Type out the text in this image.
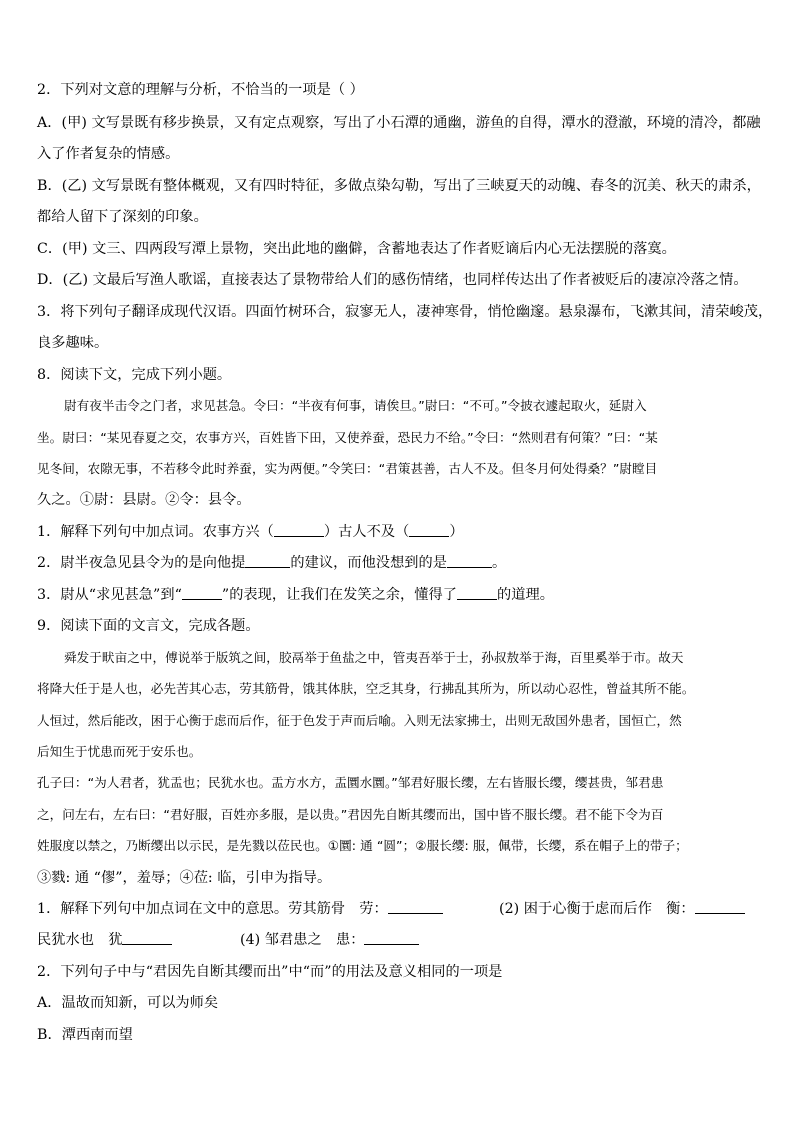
2．下列对文意的理解与分析，不恰当的一项是（ ）
A．(甲) 文写景既有移步换景，又有定点观察，写出了小石潭的通幽，游鱼的自得，潭水的澄澈，环境的清冷，都融
入了作者复杂的情感。
B．(乙) 文写景既有整体概观，又有四时特征，多做点染勾勒，写出了三峡夏天的动魄、春冬的沉美、秋天的肃杀，
都给人留下了深刻的印象。
C．(甲) 文三、四两段写潭上景物，突出此地的幽僻，含蓄地表达了作者贬谪后内心无法摆脱的落寞。
D．(乙) 文最后写渔人歌谣，直接表达了景物带给人们的感伤情绪，也同样传达出了作者被贬后的凄凉冷落之情。
3．将下列句子翻译成现代汉语。四面竹树环合，寂寥无人，凄神寒骨，悄怆幽邃。悬泉瀑布，飞漱其间，清荣峻茂，
良多趣味。
8．阅读下文，完成下列小题。
尉有夜半击令之门者，求见甚急。令曰：“半夜有何事，请俟旦。”尉曰：“不可。”令披衣遽起取火，延尉入
坐。尉曰：“某见春夏之交，农事方兴，百姓皆下田，又使养蚕，恐民力不给。”令曰：“然则君有何策？”曰：“某
见冬间，农隙无事，不若移令此时养蚕，实为两便。”令笑曰：“君策甚善，古人不及。但冬月何处得桑？”尉瞠目
久之。①尉：县尉。②令：县令。
1．解释下列句中加点词。农事方兴（	）古人不及（	）
2．尉半夜急见县令为的是向他提	的建议，而他没想到的是	。
3．尉从“求见甚急”到“	”的表现，让我们在发笑之余，懂得了	的道理。
9．阅读下面的文言文，完成各题。
舜发于畎亩之中，傅说举于版筑之间，胶鬲举于鱼盐之中，管夷吾举于士，孙叔敖举于海，百里奚举于市。故天
将降大任于是人也，必先苦其心志，劳其筋骨，饿其体肤，空乏其身，行拂乱其所为，所以动心忍性，曾益其所不能。
人恒过，然后能改，困于心衡于虑而后作，征于色发于声而后喻。入则无法家拂士，出则无敌国外患者，国恒亡，然
后知生于忧患而死于安乐也。
孔子曰：“为人君者，犹盂也；民犹水也。盂方水方，盂圜水圜。”邹君好服长缨，左右皆服长缨，缨甚贵，邹君患
之，问左右，左右曰：“君好服，百姓亦多服，是以贵。”君因先自断其缨而出，国中皆不服长缨。君不能下令为百
姓服度以禁之，乃断缨出以示民，是先戮以莅民也。①圜: 通 “圆”；②服长缨: 服，佩带，长缨，系在帽子上的带子；
③戮: 通 “僇”，羞辱；④莅: 临，引申为指导。
1．解释下列句中加点词在文中的意思。劳其筋骨　劳：	(2) 困于心衡于虑而后作　衡：
民犹水也　犹	(4) 邹君患之　患：
2．下列句子中与“君因先自断其缨而出”中“而”的用法及意义相同的一项是
A．温故而知新，可以为师矣
B．潭西南而望
